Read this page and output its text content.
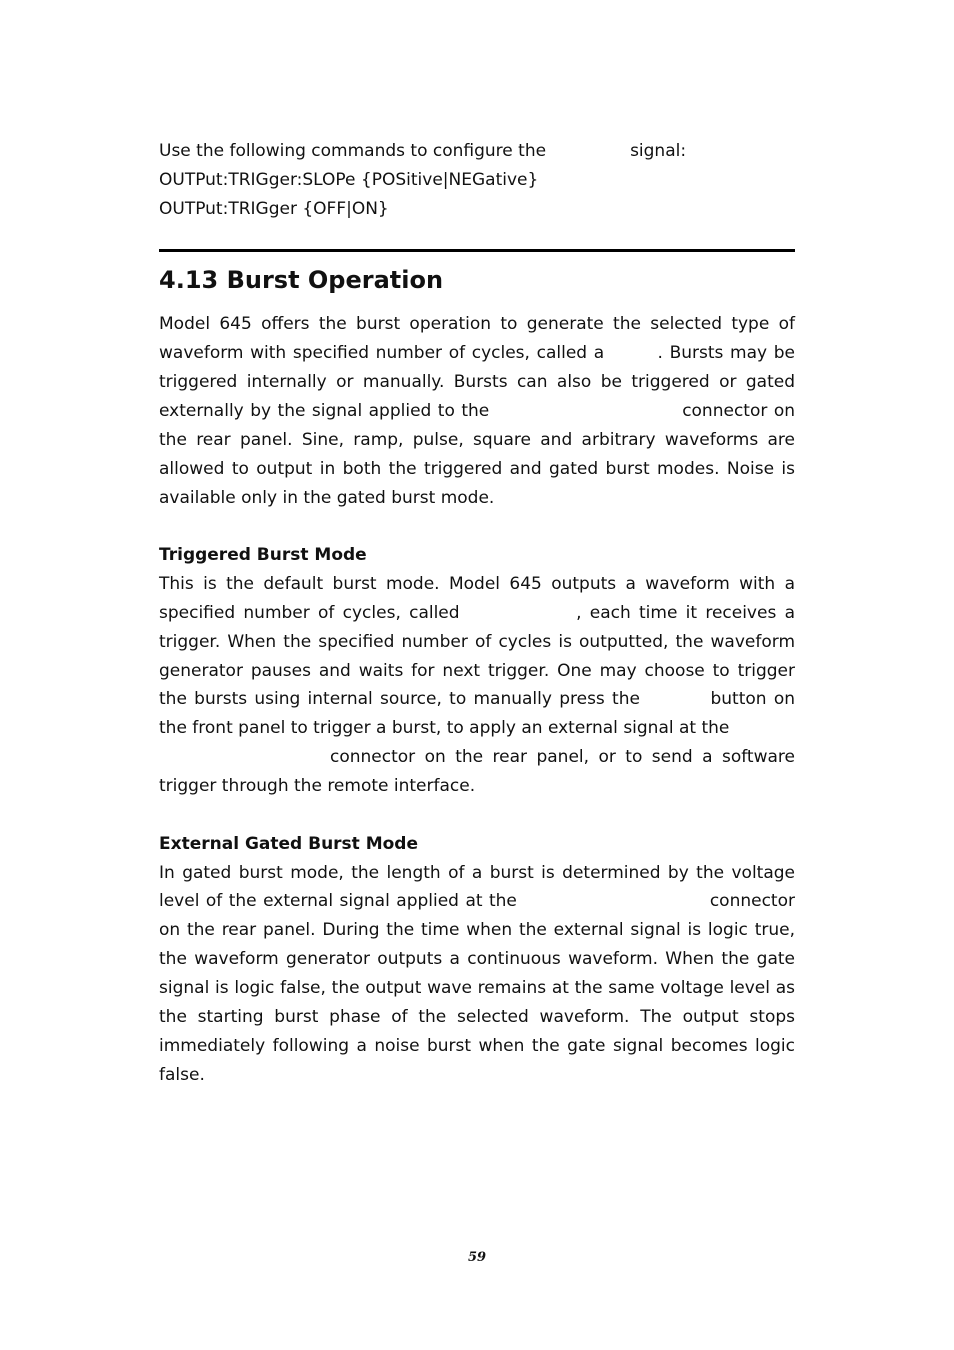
Use the following commands to configure the	signal:
OUTPut:TRIGger:SLOPe {POSitive|NEGative}
OUTPut:TRIGger {OFF|ON}
4.13 Burst Operation
Model 645 offers the burst operation to generate the selected type of
waveform with specified number of cycles, called a	. Bursts may be
triggered internally or manually. Bursts can also be triggered or gated
externally by the signal applied to the	connector on
the rear panel. Sine, ramp, pulse, square and arbitrary waveforms are
allowed to output in both the triggered and gated burst modes. Noise is
available only in the gated burst mode.
Triggered Burst Mode
This is the default burst mode. Model 645 outputs a waveform with a
specified number of cycles, called	, each time it receives a
trigger. When the specified number of cycles is outputted, the waveform
generator pauses and waits for next trigger. One may choose to trigger
the bursts using internal source, to manually press the	button on
the front panel to trigger a burst, to apply an external signal at the
connector on the rear panel, or to send a software
trigger through the remote interface.
External Gated Burst Mode
In gated burst mode, the length of a burst is determined by the voltage
level of the external signal applied at the	connector
on the rear panel. During the time when the external signal is logic true,
the waveform generator outputs a continuous waveform. When the gate
signal is logic false, the output wave remains at the same voltage level as
the starting burst phase of the selected waveform. The output stops
immediately following a noise burst when the gate signal becomes logic
false.
59
